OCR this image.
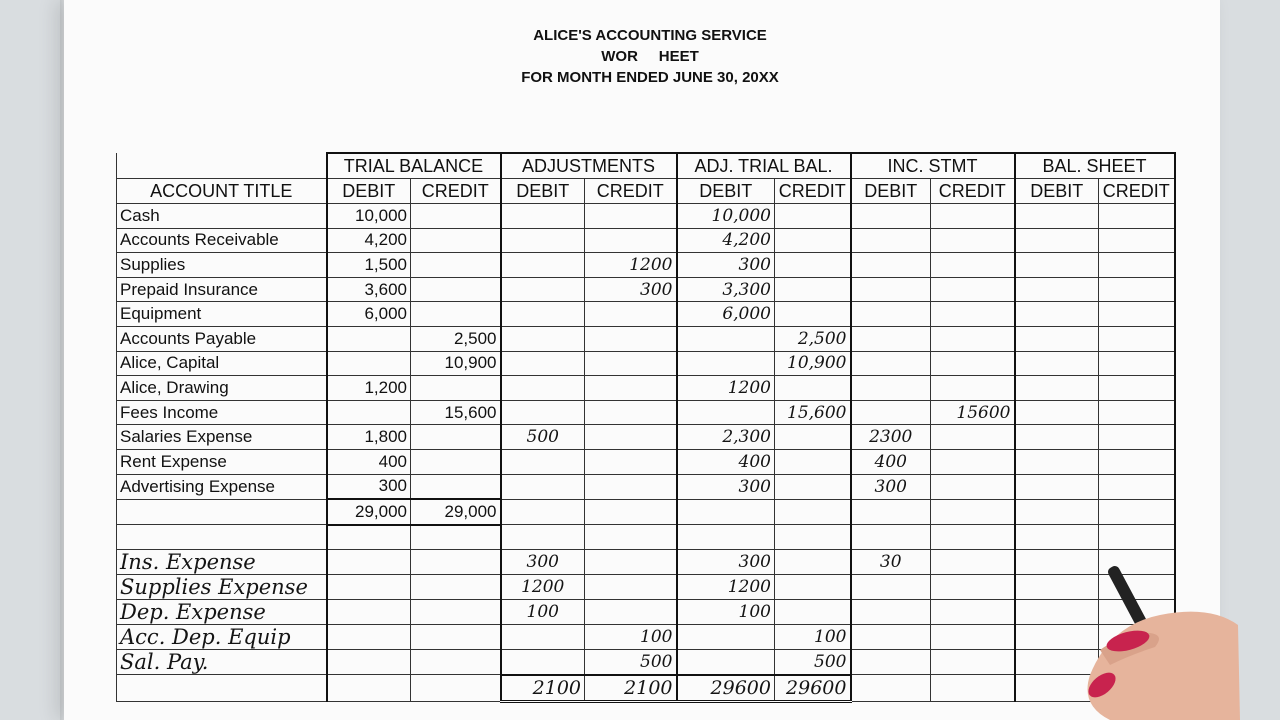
ALICE'S ACCOUNTING SERVICE
WOR     HEET
FOR MONTH ENDED JUNE 30, 20XX
	TRIAL BALANCE		ADJUSTMENTS		ADJ. TRIAL BAL.		INC. STMT		BAL. SHEET	
ACCOUNT TITLE	DEBIT	CREDIT	DEBIT	CREDIT	DEBIT	CREDIT	DEBIT	CREDIT	DEBIT	CREDIT
Cash	10,000				10,000					
Accounts Receivable	4,200				4,200					
Supplies	1,500			1200	300					
Prepaid Insurance	3,600			300	3,300					
Equipment	6,000				6,000					
Accounts Payable		2,500				2,500				
Alice, Capital		10,900				10,900				
Alice, Drawing	1,200				1200					
Fees Income		15,600				15,600		15600		
Salaries Expense	1,800		500		2,300		2300			
Rent Expense	400				400		400			
Advertising Expense	300				300		300			
	29,000	29,000								

Ins. Expense			300		300		30			
Supplies Expense			1200		1200					
Dep. Expense			100		100					
Acc. Dep. Equip				100		100				
Sal. Pay.				500		500				
			2100	2100	29600	29600				
